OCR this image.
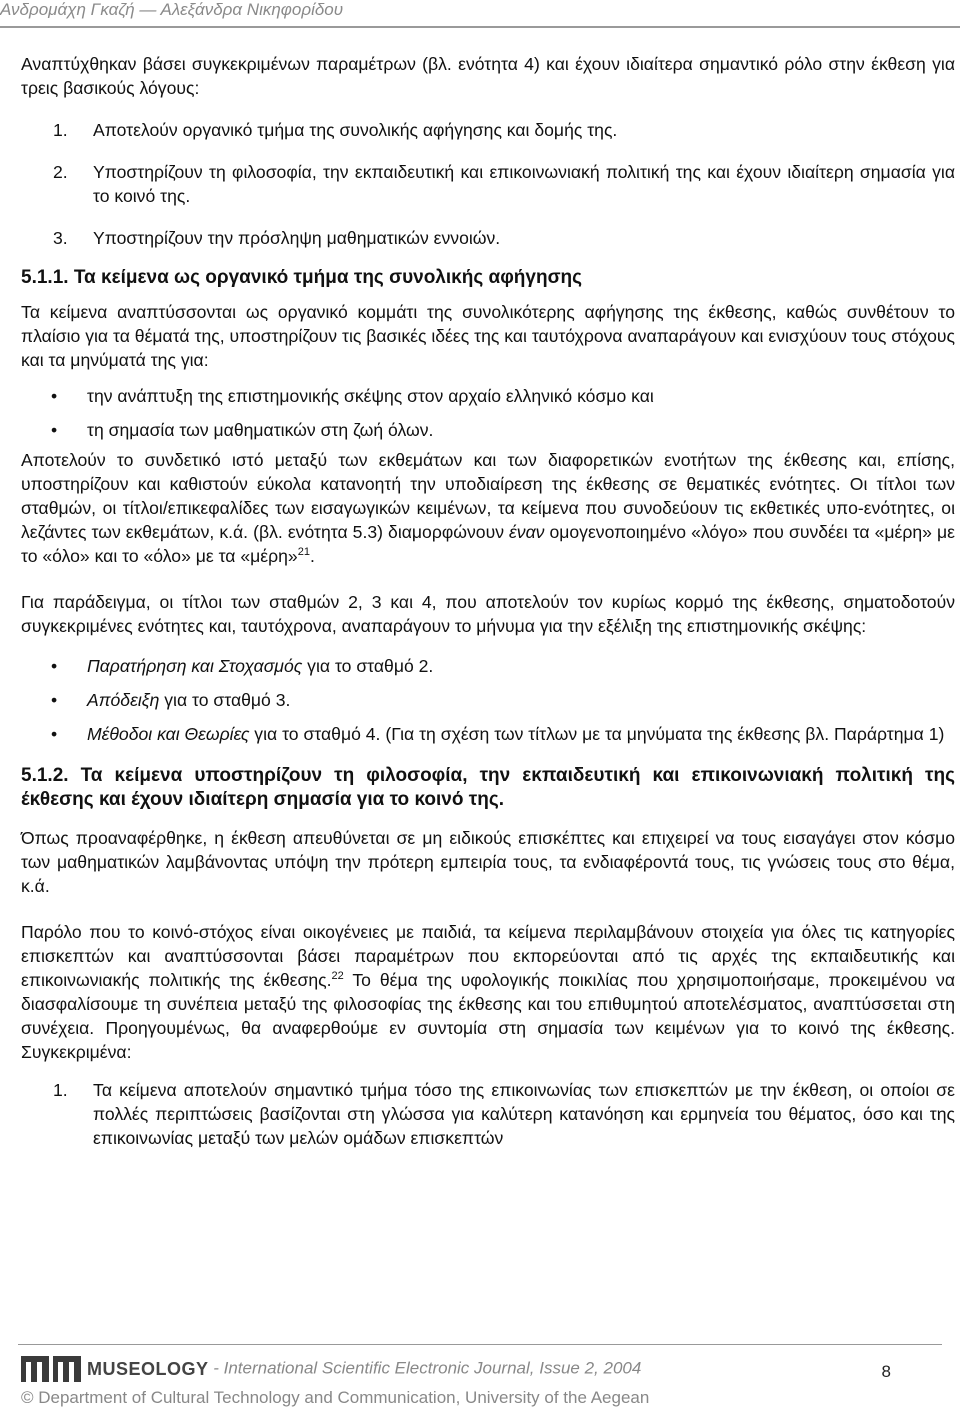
Ανδρομάχη Γκαζή — Αλεξάνδρα Νικηφορίδου

Αναπτύχθηκαν βάσει συγκεκριμένων παραμέτρων (βλ. ενότητα 4) και έχουν ιδιαίτερα σημαντικό ρόλο στην έκθεση για τρεις βασικούς λόγους:

1.	Αποτελούν οργανικό τμήμα της συνολικής αφήγησης και δομής της.
2.	Υποστηρίζουν τη φιλοσοφία, την εκπαιδευτική και επικοινωνιακή πολιτική της και έχουν ιδιαίτερη σημασία για το κοινό της.
3.	Υποστηρίζουν την πρόσληψη μαθηματικών εννοιών.

5.1.1. Τα κείμενα ως οργανικό τμήμα της συνολικής αφήγησης

Τα κείμενα αναπτύσσονται ως οργανικό κομμάτι της συνολικότερης αφήγησης της έκθεσης, καθώς συνθέτουν το πλαίσιο για τα θέματά της, υποστηρίζουν τις βασικές ιδέες της και ταυτόχρονα αναπαράγουν και ενισχύουν τους στόχους και τα μηνύματά της για:

•	την ανάπτυξη της επιστημονικής σκέψης στον αρχαίο ελληνικό κόσμο και
•	τη σημασία των μαθηματικών στη ζωή όλων.

Αποτελούν το συνδετικό ιστό μεταξύ των εκθεμάτων και των διαφορετικών ενοτήτων της έκθεσης και, επίσης, υποστηρίζουν και καθιστούν εύκολα κατανοητή την υποδιαίρεση της έκθεσης σε θεματικές ενότητες. Οι τίτλοι των σταθμών, οι τίτλοι/επικεφαλίδες των εισαγωγικών κειμένων, τα κείμενα που συνοδεύουν τις εκθετικές υπο-ενότητες, οι λεζάντες των εκθεμάτων, κ.ά. (βλ. ενότητα 5.3) διαμορφώνουν έναν ομογενοποιημένο «λόγο» που συνδέει τα «μέρη» με το «όλο» και το «όλο» με τα «μέρη»$^{21}$.

Για παράδειγμα, οι τίτλοι των σταθμών 2, 3 και 4, που αποτελούν τον κυρίως κορμό της έκθεσης, σηματοδοτούν συγκεκριμένες ενότητες και, ταυτόχρονα, αναπαράγουν το μήνυμα για την εξέλιξη της επιστημονικής σκέψης:

•	Παρατήρηση και Στοχασμός για το σταθμό 2.
•	Απόδειξη για το σταθμό 3.
•	Μέθοδοι και Θεωρίες για το σταθμό 4. (Για τη σχέση των τίτλων με τα μηνύματα της έκθεσης βλ. Παράρτημα 1)

5.1.2. Τα κείμενα υποστηρίζουν τη φιλοσοφία, την εκπαιδευτική και επικοινωνιακή πολιτική της έκθεσης και έχουν ιδιαίτερη σημασία για το κοινό της.

Όπως προαναφέρθηκε, η έκθεση απευθύνεται σε μη ειδικούς επισκέπτες και επιχειρεί να τους εισαγάγει στον κόσμο των μαθηματικών λαμβάνοντας υπόψη την πρότερη εμπειρία τους, τα ενδιαφέροντά τους, τις γνώσεις τους στο θέμα, κ.ά.

Παρόλο που το κοινό-στόχος είναι οικογένειες με παιδιά, τα κείμενα περιλαμβάνουν στοιχεία για όλες τις κατηγορίες επισκεπτών και αναπτύσσονται βάσει παραμέτρων που εκπορεύονται από τις αρχές της εκπαιδευτικής και επικοινωνιακής πολιτικής της έκθεσης.$^{22}$ Το θέμα της υφολογικής ποικιλίας που χρησιμοποιήσαμε, προκειμένου να διασφαλίσουμε τη συνέπεια μεταξύ της φιλοσοφίας της έκθεσης και του επιθυμητού αποτελέσματος, αναπτύσσεται στη συνέχεια. Προηγουμένως, θα αναφερθούμε εν συντομία στη σημασία των κειμένων για το κοινό της έκθεσης. Συγκεκριμένα:

1.	Τα κείμενα αποτελούν σημαντικό τμήμα τόσο της επικοινωνίας των επισκεπτών με την έκθεση, οι οποίοι σε πολλές περιπτώσεις βασίζονται στη γλώσσα για καλύτερη κατανόηση και ερμηνεία του θέματος, όσο και της επικοινωνίας μεταξύ των μελών ομάδων επισκεπτών
MUSEOLOGY - International Scientific Electronic Journal, Issue 2, 2004	8
© Department of Cultural Technology and Communication, University of the Aegean
